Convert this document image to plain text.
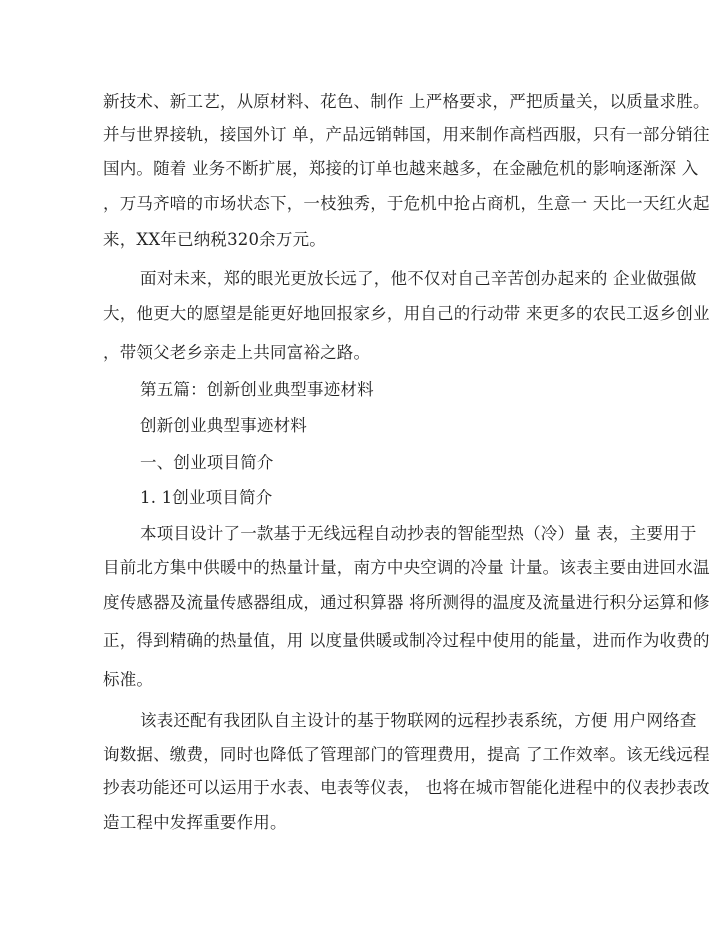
新技术、新工艺，从原材料、花色、制作 上严格要求，严把质量关，以质量求胜。
并与世界接轨，接国外订 单，产品远销韩国，用来制作高档西服，只有一部分销往
国内。随着 业务不断扩展，郑接的订单也越来越多，在金融危机的影响逐渐深 入
，万马齐喑的市场状态下，一枝独秀，于危机中抢占商机，生意一 天比一天红火起
来，XX年已纳税320余万元。
面对未来，郑的眼光更放长远了，他不仅对自己辛苦创办起来的 企业做强做
大，他更大的愿望是能更好地回报家乡，用自己的行动带 来更多的农民工返乡创业
，带领父老乡亲走上共同富裕之路。
第五篇：创新创业典型事迹材料
创新创业典型事迹材料
一、创业项目简介
1. 1创业项目简介
本项目设计了一款基于无线远程自动抄表的智能型热（冷）量 表，主要用于
目前北方集中供暖中的热量计量，南方中央空调的冷量 计量。该表主要由进回水温
度传感器及流量传感器组成，通过积算器 将所测得的温度及流量进行积分运算和修
正，得到精确的热量值，用 以度量供暖或制冷过程中使用的能量，进而作为收费的
标准。
该表还配有我团队自主设计的基于物联网的远程抄表系统，方便 用户网络查
询数据、缴费，同时也降低了管理部门的管理费用，提高 了工作效率。该无线远程
抄表功能还可以运用于水表、电表等仪表， 也将在城市智能化进程中的仪表抄表改
造工程中发挥重要作用。
